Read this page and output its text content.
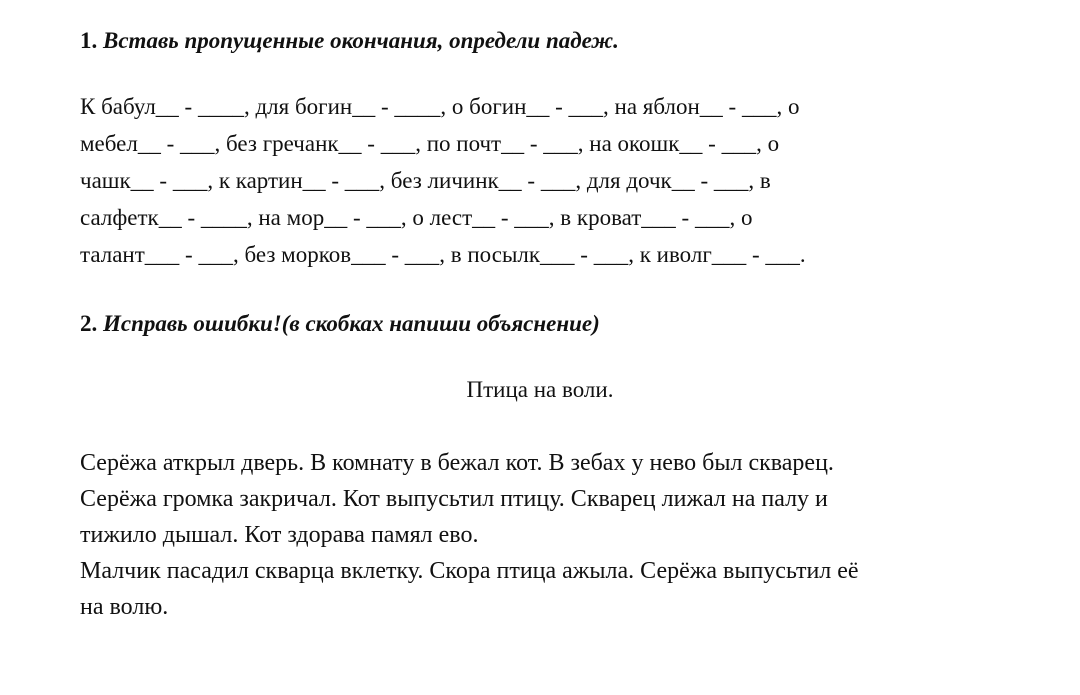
1. Вставь пропущенные окончания, определи падеж.
К бабул__ - ____, для богин__ - ____, о богин__ - ___, на яблон__ - ___, о
мебел__ - ___, без гречанк__ - ___, по почт__ - ___, на окошк__ - ___, о
чашк__ - ___, к картин__ - ___, без личинк__ - ___, для дочк__ - ___, в
салфетк__ - ____, на мор__ - ___, о лест__ - ___, в кроват___ - ___, о
талант___ - ___, без морков___ - ___, в посылк___ - ___, к иволг___ - ___.
2. Исправь ошибки!(в скобках напиши объяснение)
Птица на воли.
Серёжа аткрыл дверь. В комнату в бежал кот. В зебах у нево был скварец.
Серёжа громка закричал. Кот выпусьтил птицу. Скварец лижал на палу и
тижило дышал. Кот здорава памял ево.
Малчик пасадил скварца вклетку. Скора птица ажыла. Серёжа выпусьтил её
на волю.
